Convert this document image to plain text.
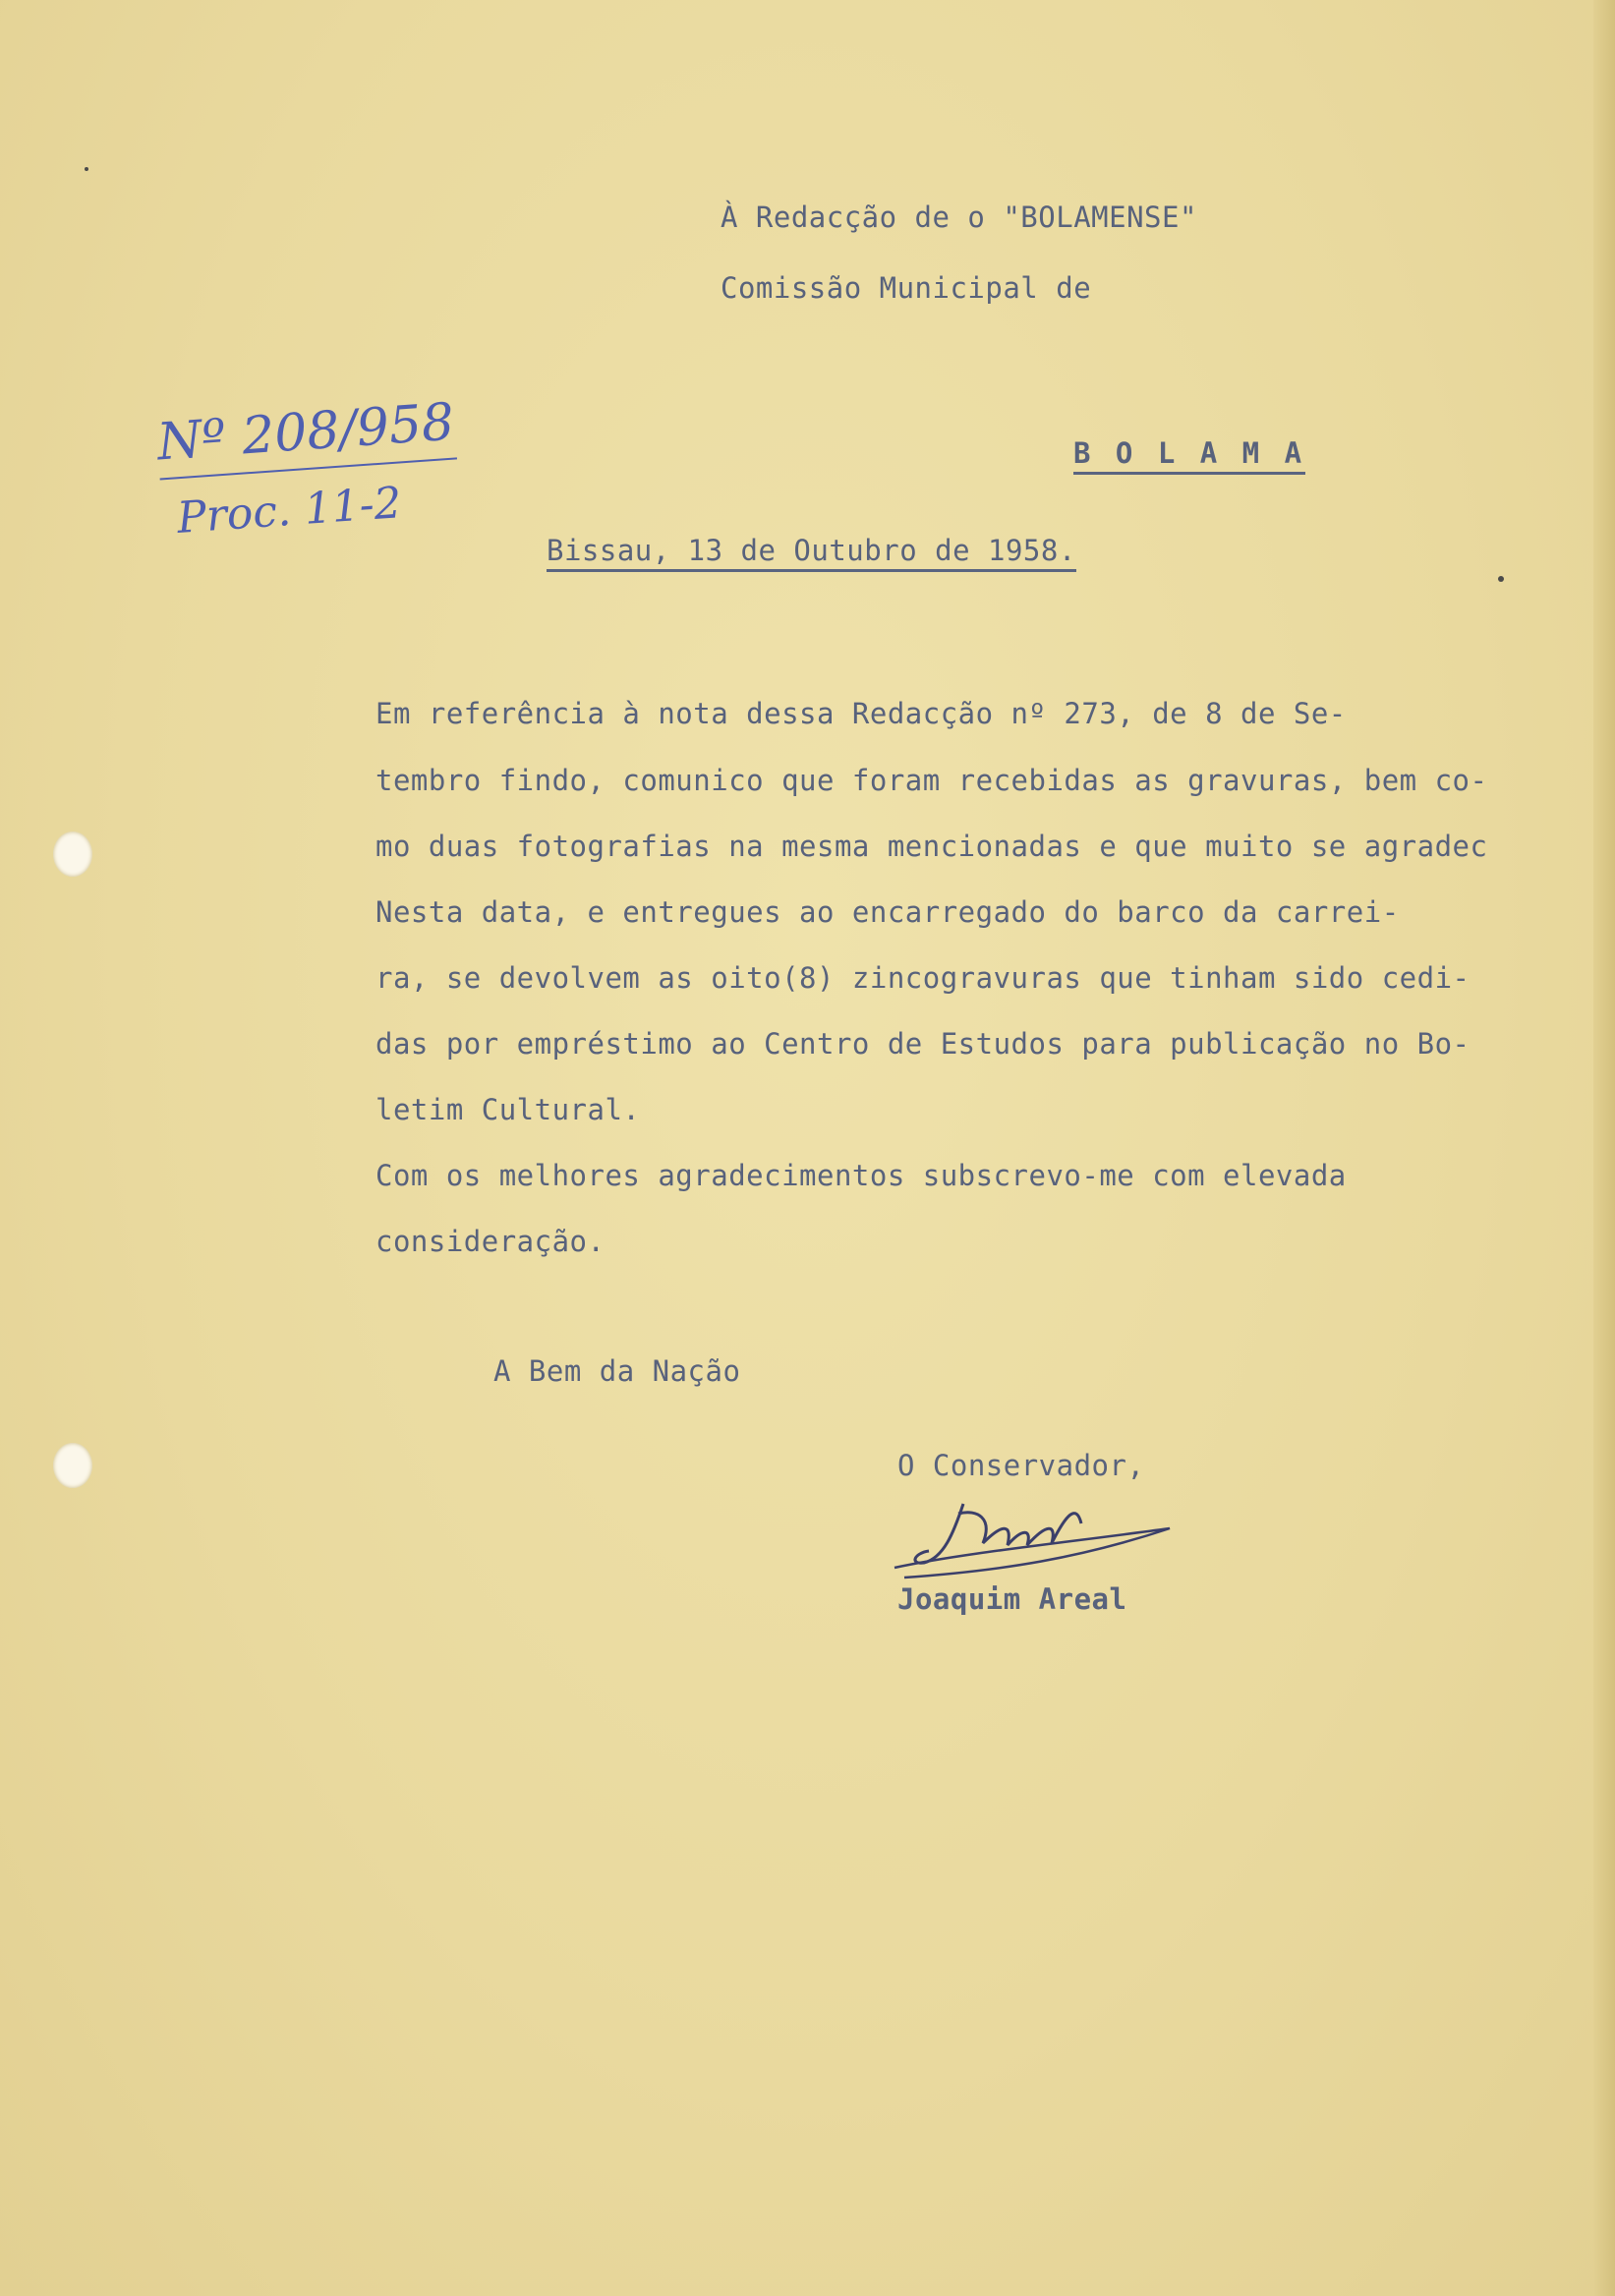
À Redacção de o "BOLAMENSE"
Comissão Municipal de
B O L A M A
Nº 208/958
Proc. 11-2
Bissau, 13 de Outubro de 1958.
Em referência à nota dessa Redacção nº 273, de 8 de Se-
tembro findo, comunico que foram recebidas as gravuras, bem co-
mo duas fotografias na mesma mencionadas e que muito se agradec
Nesta data, e entregues ao encarregado do barco da carrei-
ra, se devolvem as oito(8) zincogravuras que tinham sido cedi-
das por empréstimo ao Centro de Estudos para publicação no Bo-
letim Cultural.
Com os melhores agradecimentos subscrevo-me com elevada
consideração.
A Bem da Nação
O Conservador,
Joaquim Areal
